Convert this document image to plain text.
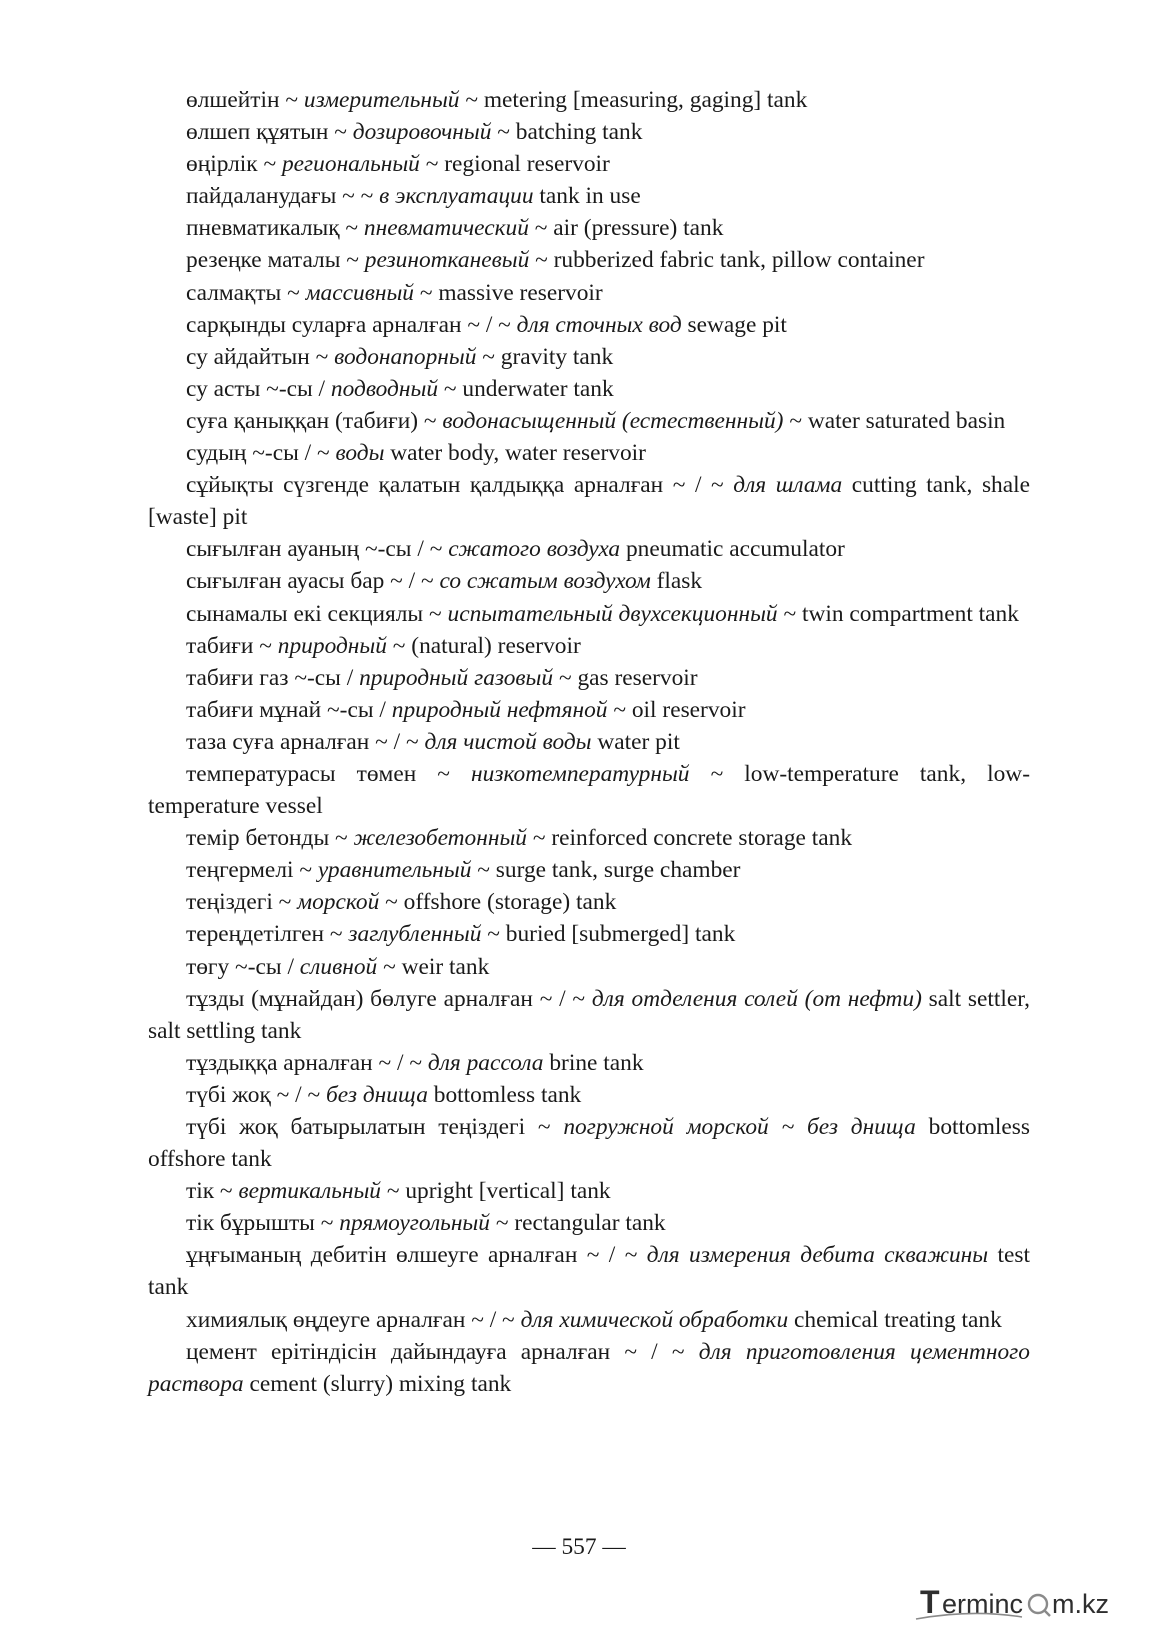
өлшейтін ~ измерительный ~ metering [measuring, gaging] tank

өлшеп құятын ~ дозировочный ~ batching tank

өңірлік ~ региональный ~ regional reservoir

пайдаланудағы ~ ~ в эксплуатации tank in use

пневматикалық ~ пневматический ~ air (pressure) tank

резеңке маталы ~ резинотканевый ~ rubberized fabric tank, pillow container

салмақты ~ массивный ~ massive reservoir

сарқынды суларға арналған ~ / ~ для сточных вод sewage pit

су айдайтын ~ водонапорный ~ gravity tank

су асты ~-сы / подводный ~ underwater tank

суға қаныққан (табиғи) ~ водонасыщенный (естественный) ~ water saturated basin

судың ~-сы / ~ воды water body, water reservoir

сұйықты сүзгенде қалатын қалдыққа арналған ~ / ~ для шлама cutting tank, shale [waste] pit

сығылған ауаның ~-сы / ~ сжатого воздуха pneumatic accumulator

сығылған ауасы бар ~ / ~ со сжатым воздухом flask

сынамалы екі секциялы ~ испытательный двухсекционный ~ twin compartment tank

табиғи ~ природный ~ (natural) reservoir

табиғи газ ~-сы / природный газовый ~ gas reservoir

табиғи мұнай ~-сы / природный нефтяной ~ oil reservoir

таза суға арналған ~ / ~ для чистой воды water pit

температурасы төмен ~ низкотемпературный ~ low-temperature tank, low-temperature vessel

темір бетонды ~ железобетонный ~ reinforced concrete storage tank

теңгермелі ~ уравнительный ~ surge tank, surge chamber

теңіздегі ~ морской ~ offshore (storage) tank

тереңдетілген ~ заглубленный ~ buried [submerged] tank

төгу ~-сы / сливной ~ weir tank

тұзды (мұнайдан) бөлуге арналған ~ / ~ для отделения солей (от нефти) salt settler, salt settling tank

тұздыққа арналған ~ / ~ для рассола brine tank

түбі жоқ ~ / ~ без днища bottomless tank

түбі жоқ батырылатын теңіздегі ~ погружной морской ~ без днища bottomless offshore tank

тік ~ вертикальный ~ upright [vertical] tank

тік бұрышты ~ прямоугольный ~ rectangular tank

ұңғыманың дебитін өлшеуге арналған ~ / ~ для измерения дебита скважины test tank

химиялық өңдеуге арналған ~ / ~ для химической обработки chemical treating tank

цемент ерітіндісін дайындауға арналған ~ / ~ для приготовления цементного раствора cement (slurry) mixing tank

— 557 —
T erminc m.kz
